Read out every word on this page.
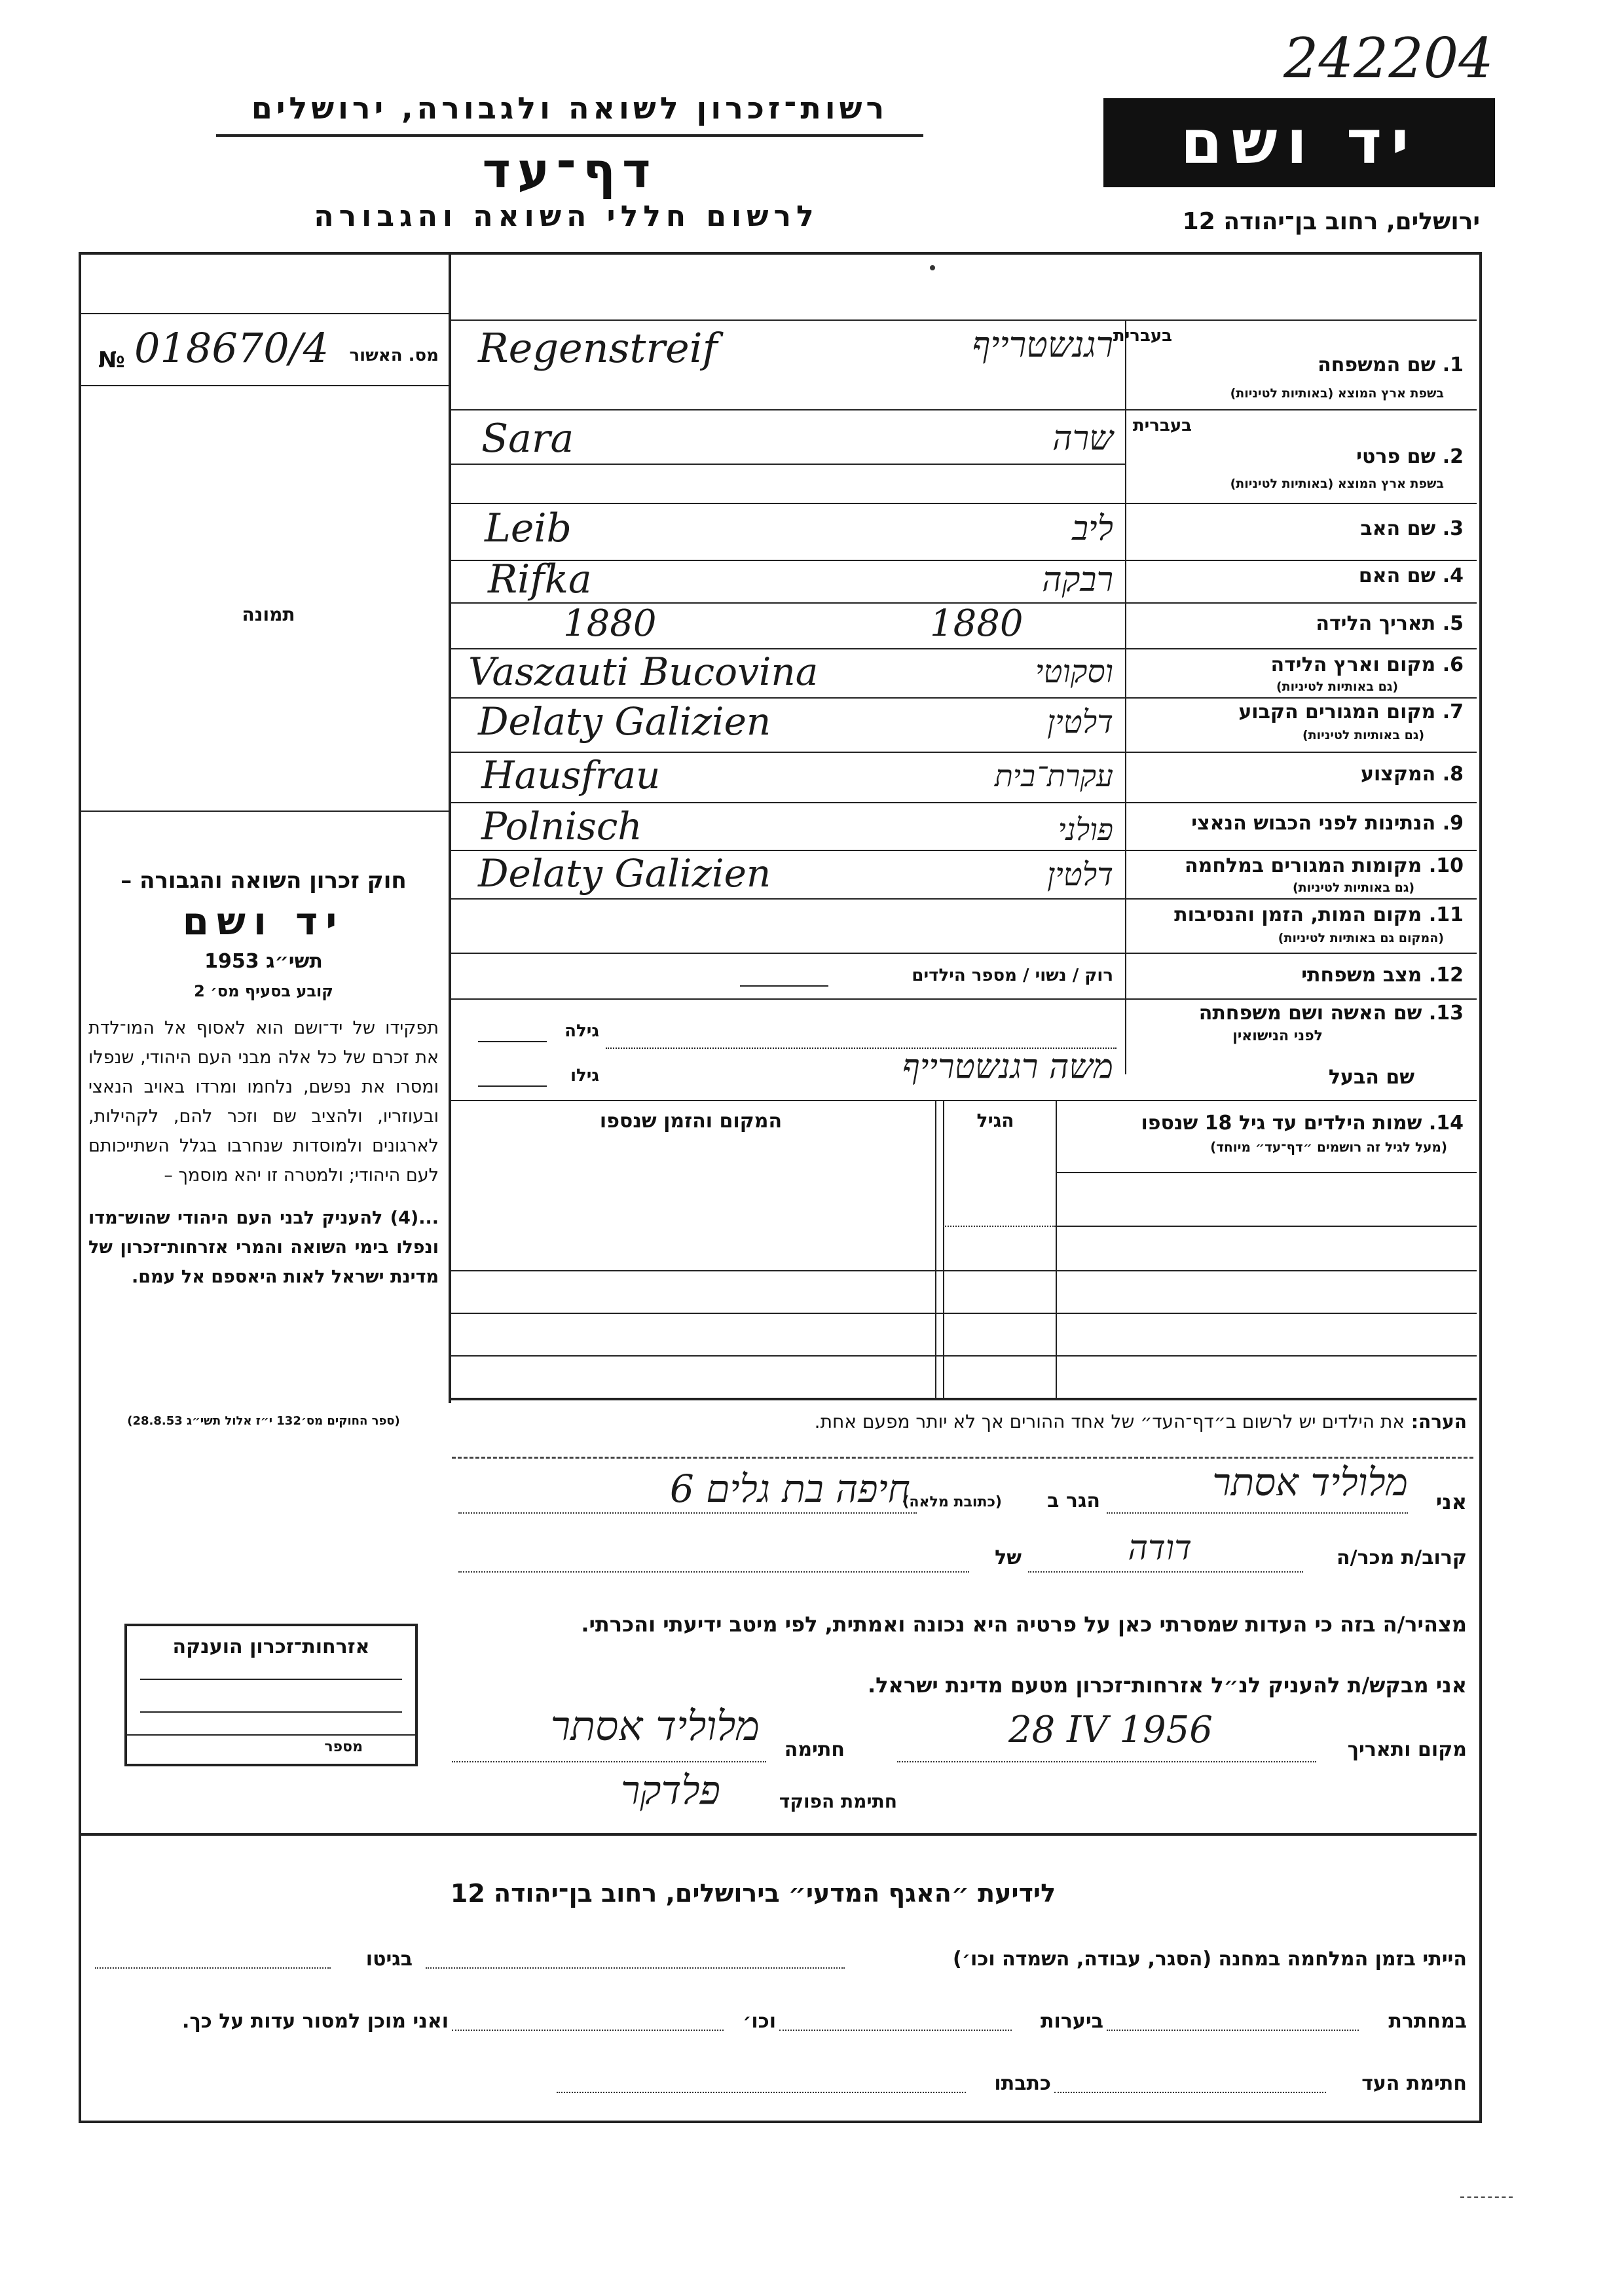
242204
רשות־זכרון לשואה ולגבורה, ירושלים
דף־עד
לרשום חללי השואה והגבורה
יד ושם
ירושלים, רחוב בן־יהודה 12
№ 018670/4 מס. האשור
תמונה
חוק זכרון השואה והגבורה –
יד ושם
תשי״ג 1953
קובע בסעיף מס׳ 2
תפקידו של יד־ושם הוא לאסוף אל המו־לדת את זכרם של כל אלה מבני העם היהודי, שנפלו ומסרו את נפשם, נלחמו ומרדו באויב הנאצי ובעוזריו, ולהציב שם וזכר להם, לקהילות, לארגונים ולמוסדות שנחרבו בגלל השתייכותם לעם היהודי; ולמטרה זו יהא מוסמך –
...(4) להעניק לבני העם היהודי שהוש־מדו ונפלו בימי השואה והמרי אזרחות־זכרון של מדינת ישראל לאות היאספם אל עמם.
(ספר החוקים מס׳132 י״ז אלול תשי״ג 28.8.53)
בעברית
1. שם המשפחה
בשפת ארץ המוצא (באותיות לטיניות)
Regenstreif	רגנשטרייף
בעברית
2. שם פרטי
בשפת ארץ המוצא (באותיות לטיניות)
Sara	שרה
3. שם האב
Leib	ליב
4. שם האם
Rifka	רבקה
5. תאריך הלידה
1880	1880
6. מקום וארץ הלידה
(גם באותיות לטיניות)
Vaszauti Bucovina	וסקוטי
7. מקום המגורים הקבוע
(גם באותיות לטיניות)
Delaty Galizien	דלטין
8. המקצוע
Hausfrau	עקרת־בית
9. הנתינות לפני הכבוש הנאצי
Polnisch	פולני
10. מקומות המגורים במלחמה
(גם באותיות לטיניות)
Delaty Galizien	דלטין
11. מקום המות, הזמן והנסיבות
(המקום גם באותיות לטיניות)
12. מצב משפחתי
רוק / נשוי / מספר הילדים
13. שם האשה ושם משפחתה
לפני הנישואין
גילה
שם הבעל
גילו	משה רגנשטרייף
14. שמות הילדים עד גיל 18 שנספו
(מעל לגיל זה רושמים ״דף־עד״ מיוחד)
הגיל
המקום והזמן שנספו
הערה: את הילדים יש לרשום ב״דף־העד״ של אחד ההורים אך לא יותר מפעם אחת.
אני
מלוליד אסתר
הגר ב
(כתובת מלאה)
חיפה בת גלים 6
קרוב/ת מכר/ה
דודה
של
מצהיר/ה בזה כי העדות שמסרתי כאן על פרטיה היא נכונה ואמתית, לפי מיטב ידיעתי והכרתי.
אני מבקש/ת להעניק לנ״ל אזרחות־זכרון מטעם מדינת ישראל.
מקום ותאריך
28 IV 1956
חתימה
מלוליד אסתר
חתימת הפוקד
פלדקר
אזרחות־זכרון הוענקה
מספר
לידיעת ״האגף המדעי״ בירושלים, רחוב בן־יהודה 12
הייתי בזמן המלחמה במחנה (הסגר, עבודה, השמדה וכו׳)
בגיטו
במחתרת
ביערות
וכו׳
ואני מוכן למסור עדות על כך.
חתימת העד
כתבתו
